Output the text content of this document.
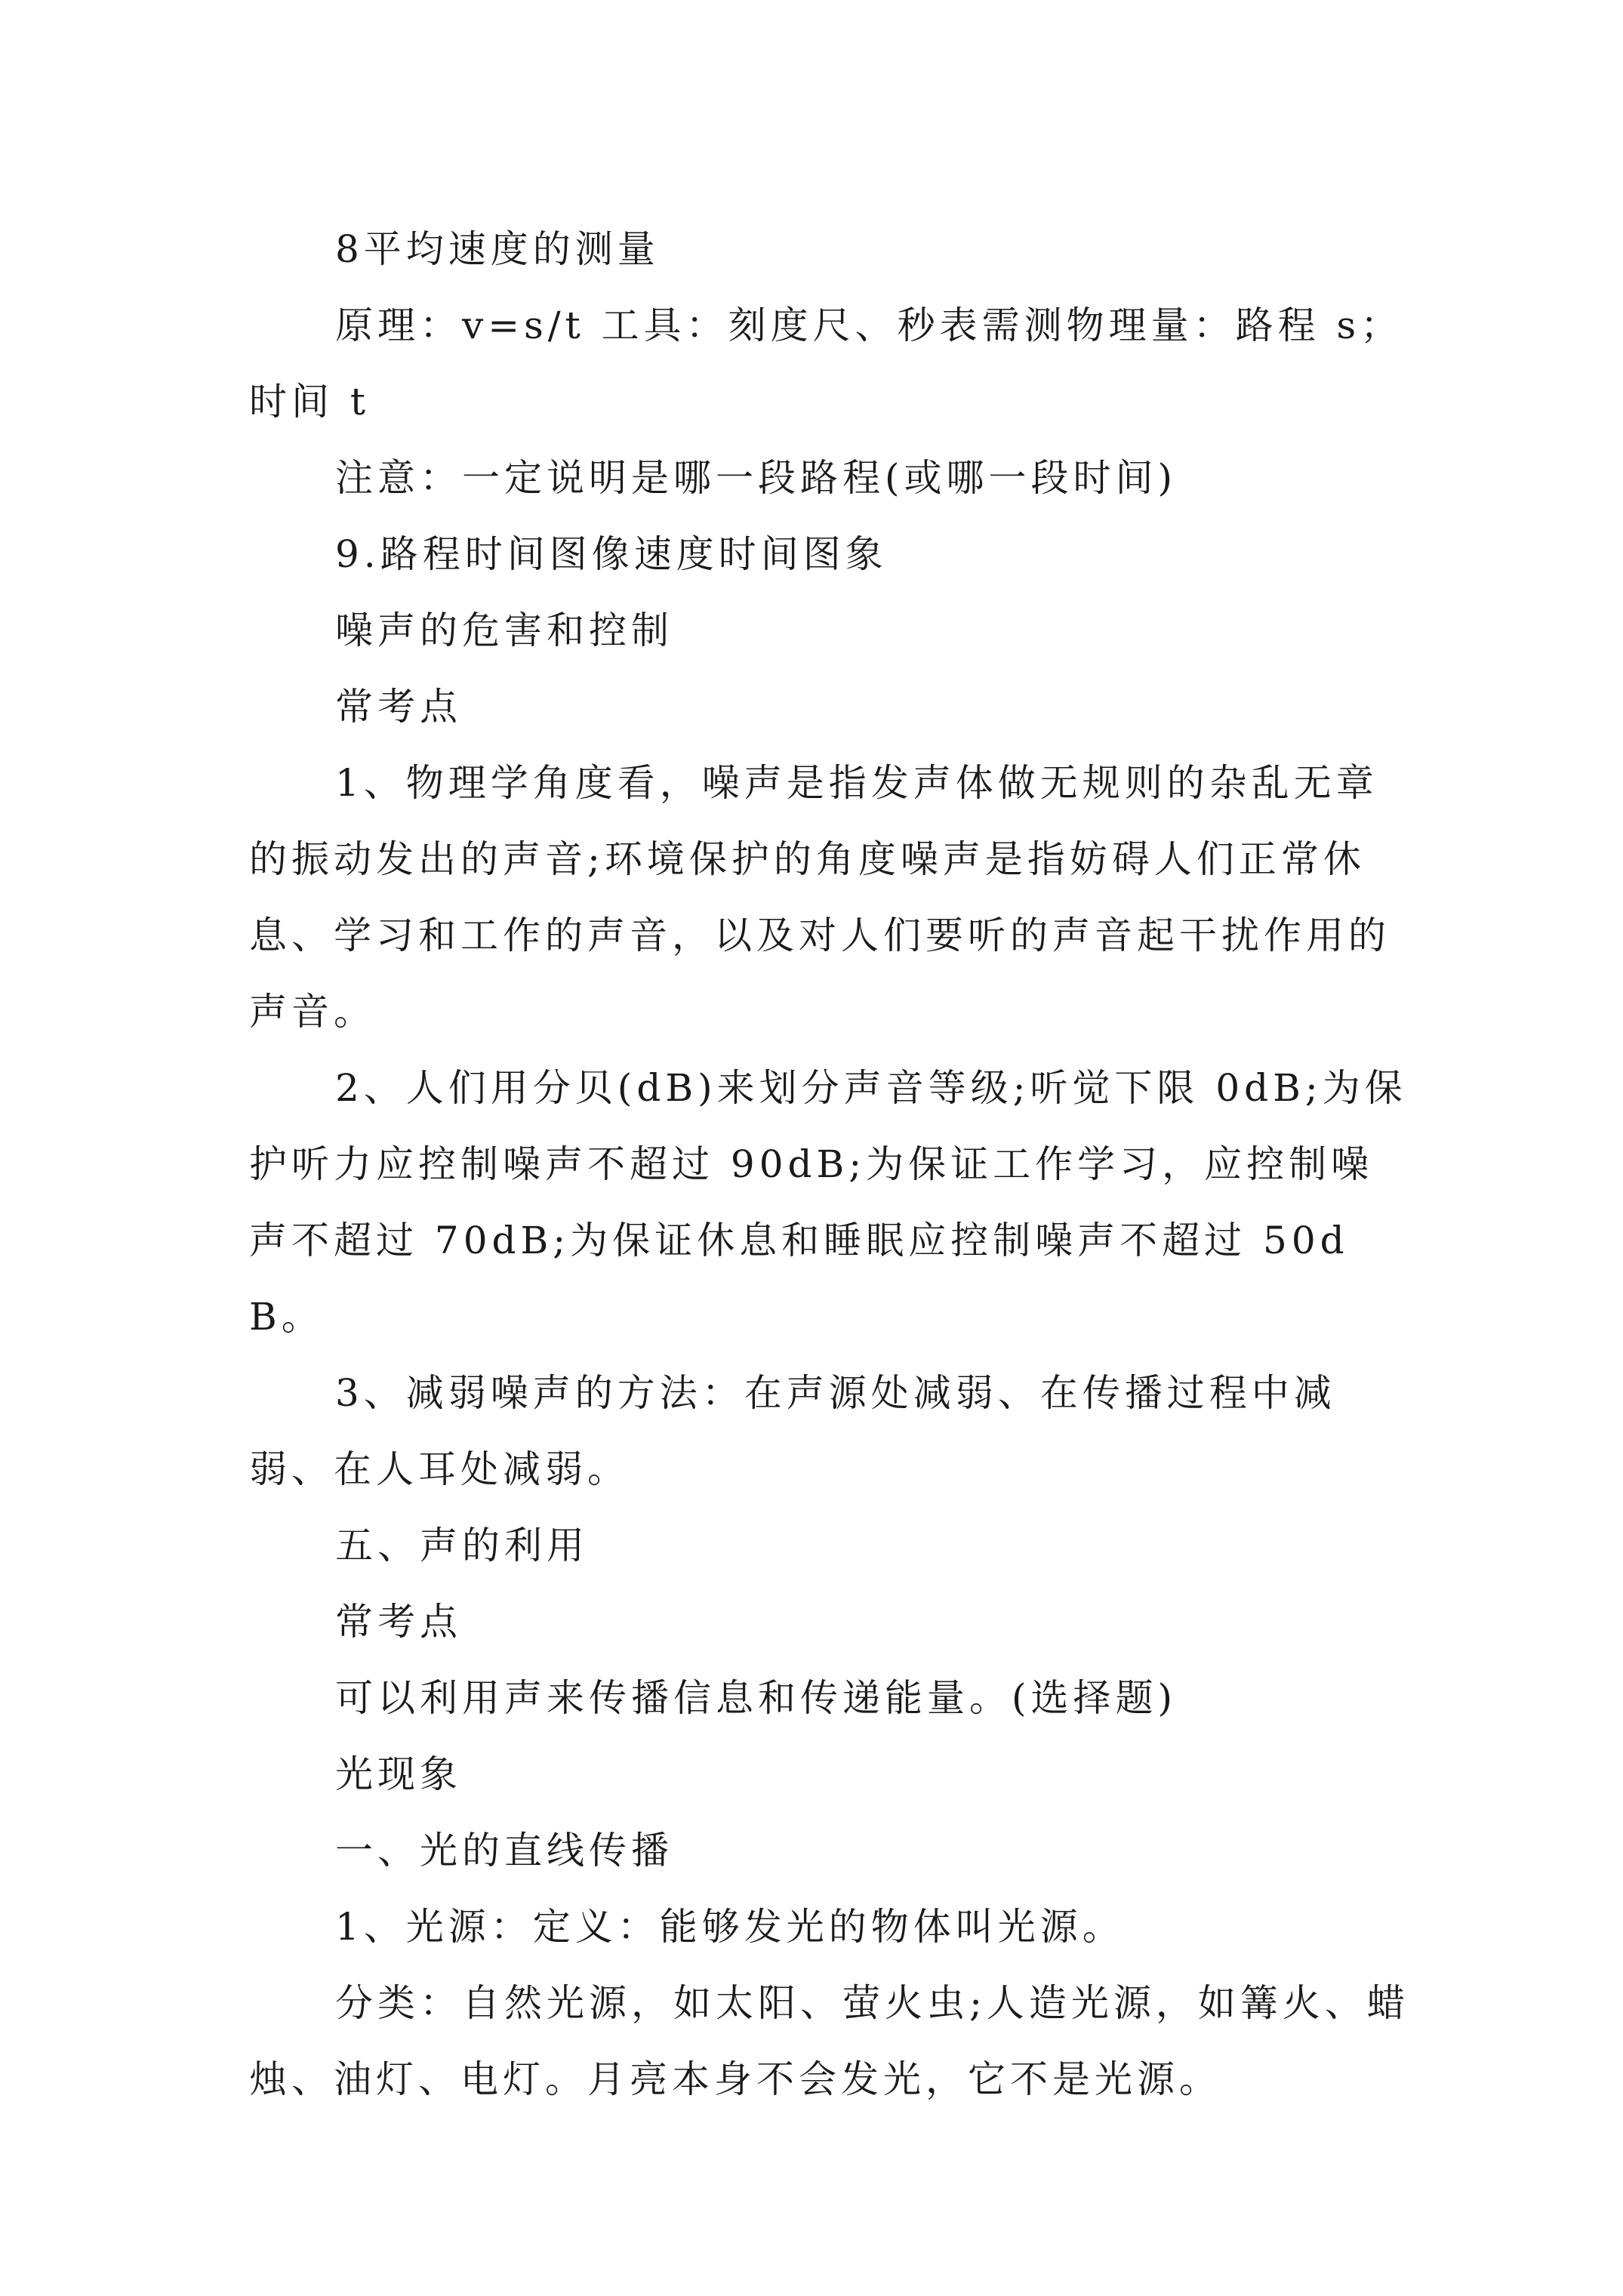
8平均速度的测量

原理：v=s/t 工具：刻度尺、秒表需测物理量：路程 s；时间 t

注意：一定说明是哪一段路程(或哪一段时间)

9.路程时间图像速度时间图象

噪声的危害和控制

常考点

1、物理学角度看，噪声是指发声体做无规则的杂乱无章的振动发出的声音;环境保护的角度噪声是指妨碍人们正常休息、学习和工作的声音，以及对人们要听的声音起干扰作用的声音。

2、人们用分贝(dB)来划分声音等级;听觉下限 0dB;为保护听力应控制噪声不超过 90dB;为保证工作学习，应控制噪声不超过 70dB;为保证休息和睡眠应控制噪声不超过 50dB。

3、减弱噪声的方法：在声源处减弱、在传播过程中减弱、在人耳处减弱。

五、声的利用

常考点

可以利用声来传播信息和传递能量。(选择题)

光现象

一、光的直线传播

1、光源：定义：能够发光的物体叫光源。

分类：自然光源，如太阳、萤火虫;人造光源，如篝火、蜡烛、油灯、电灯。月亮本身不会发光，它不是光源。
